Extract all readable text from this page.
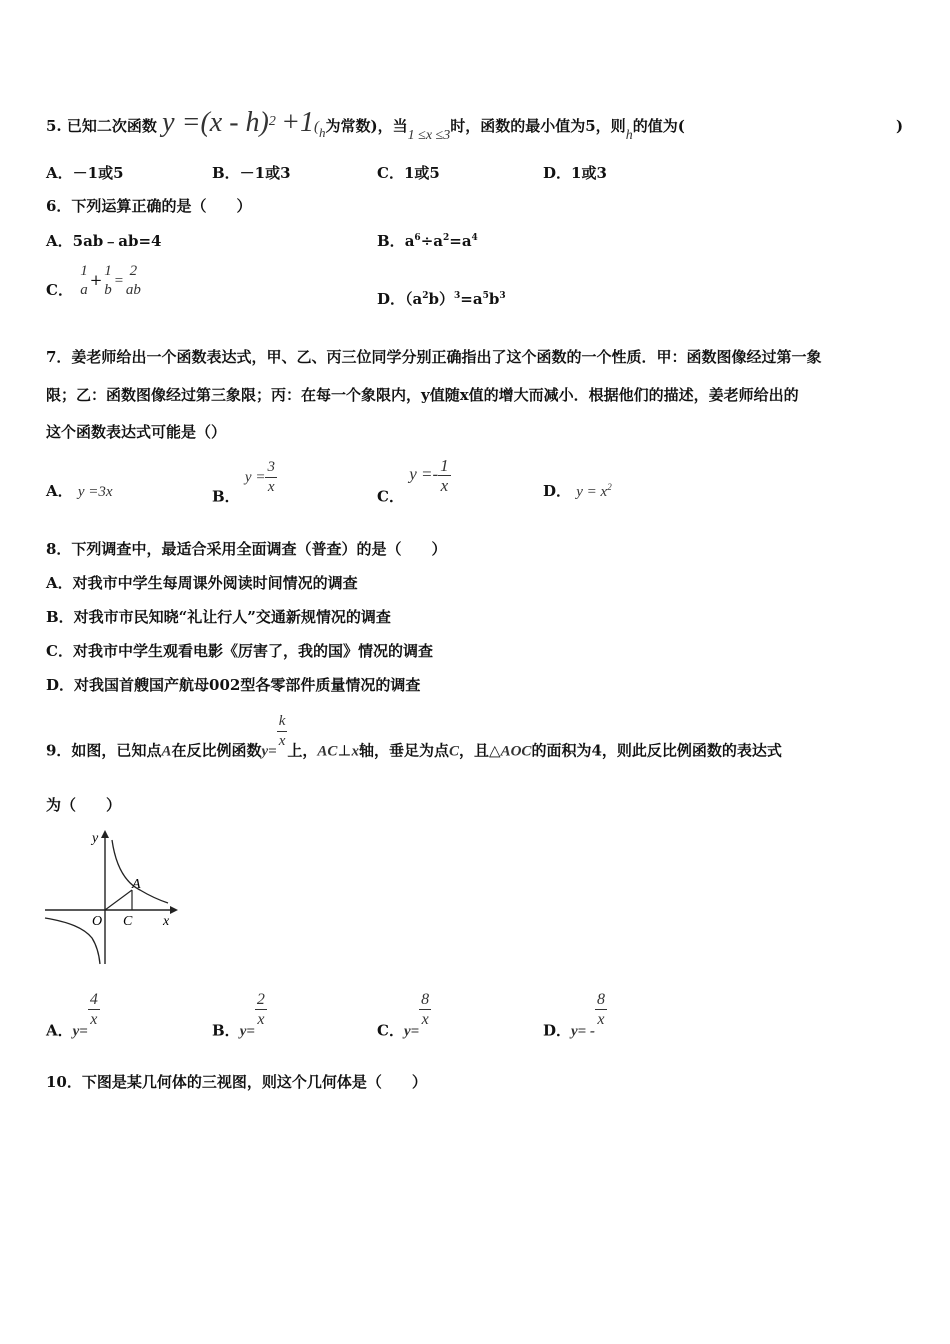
5. 已知二次函数 y =(x - h)$^2$ +1(h为常数)，当1 ≤x ≤3时，函数的最小值为5，则h的值为(	)
A．－1或5	B．－1或3	C．1或5	D．1或3
6．下列运算正确的是（　　）
A．5ab﹣ab=4	B．$a^6\div a^2=a^4$
C．
1
a
+ 1
b
=
2
ab	D．$(a^2b)^3=a^5b^3$
7．姜老师给出一个函数表达式，甲、乙、丙三位同学分别正确指出了这个函数的一个性质．甲：函数图像经过第一象
限；乙：函数图像经过第三象限；丙：在每一个象限内，y值随x值的增大而减小．根据他们的描述，姜老师给出的
这个函数表达式可能是（）
A． y =3x	B． $y = \frac{3}{x}$	C． $y =- \frac{1}{x}$	D． $y = x^2$
8．下列调查中，最适合采用全面调查（普查）的是（　　）
A．对我市中学生每周课外阅读时间情况的调查
B．对我市市民知晓“礼让行人”交通新规情况的调查
C．对我市中学生观看电影《厉害了，我的国》情况的调查
D．对我国首艘国产航母002型各零部件质量情况的调查
9．如图，已知点A在反比例函数y=
$\frac{k}{x}$ 上，AC⊥x轴，垂足为点C，且△AOC的面积为4，则此反比例函数的表达式
为（　　）
y
A
O C x
A．y=
$\frac{4}{x}$
B．y=
$\frac{2}{x}$
C．y=
$\frac{8}{x}$
D．y= -
$\frac{8}{x}$
10．下图是某几何体的三视图，则这个几何体是（　　）
